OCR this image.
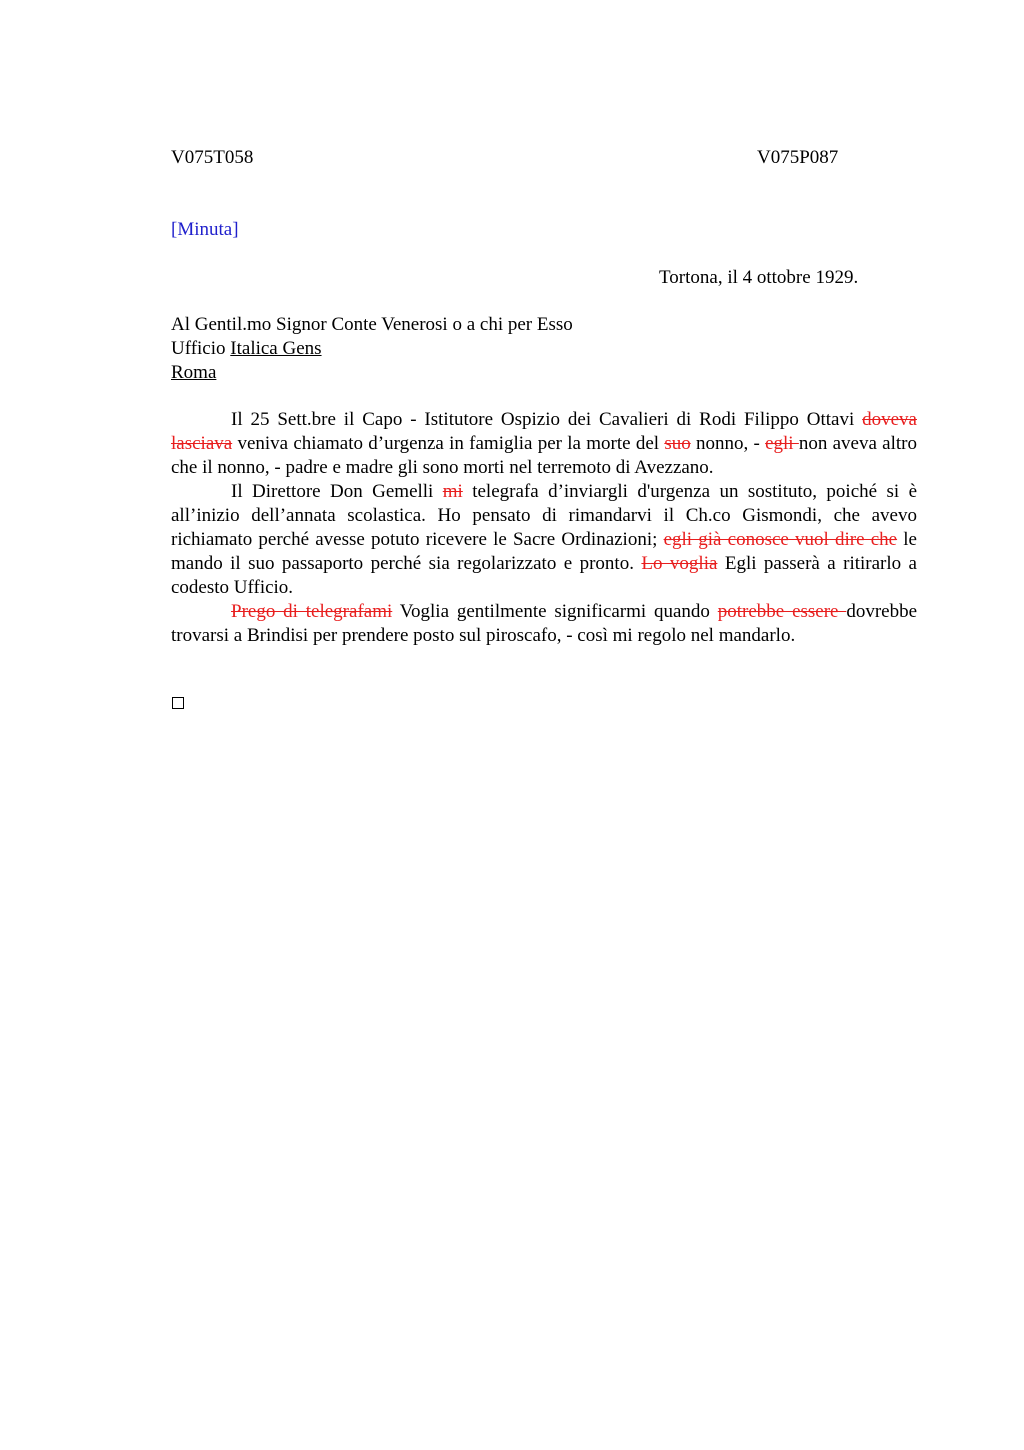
V075T058	V075P087
[Minuta]
Tortona, il 4 ottobre 1929.
Al Gentil.mo Signor Conte Venerosi o a chi per Esso
Ufficio Italica Gens
Roma

Il 25 Sett.bre il Capo - Istitutore Ospizio dei Cavalieri di Rodi Filippo Ottavi doveva lasciava veniva chiamato d’urgenza in famiglia per la morte del suo nonno, - egli non aveva altro che il nonno, - padre e madre gli sono morti nel terremoto di Avezzano.

Il Direttore Don Gemelli mi telegrafa d’inviargli d'urgenza un sostituto, poiché si è all’inizio dell’annata scolastica. Ho pensato di rimandarvi il Ch.co Gismondi, che avevo richiamato perché avesse potuto ricevere le Sacre Ordinazioni; egli già conosce vuol dire che le mando il suo passaporto perché sia regolarizzato e pronto. Lo voglia Egli passerà a ritirarlo a codesto Ufficio.

Prego di telegrafami Voglia gentilmente significarmi quando potrebbe essere dovrebbe trovarsi a Brindisi per prendere posto sul piroscafo, - così mi regolo nel mandarlo.
